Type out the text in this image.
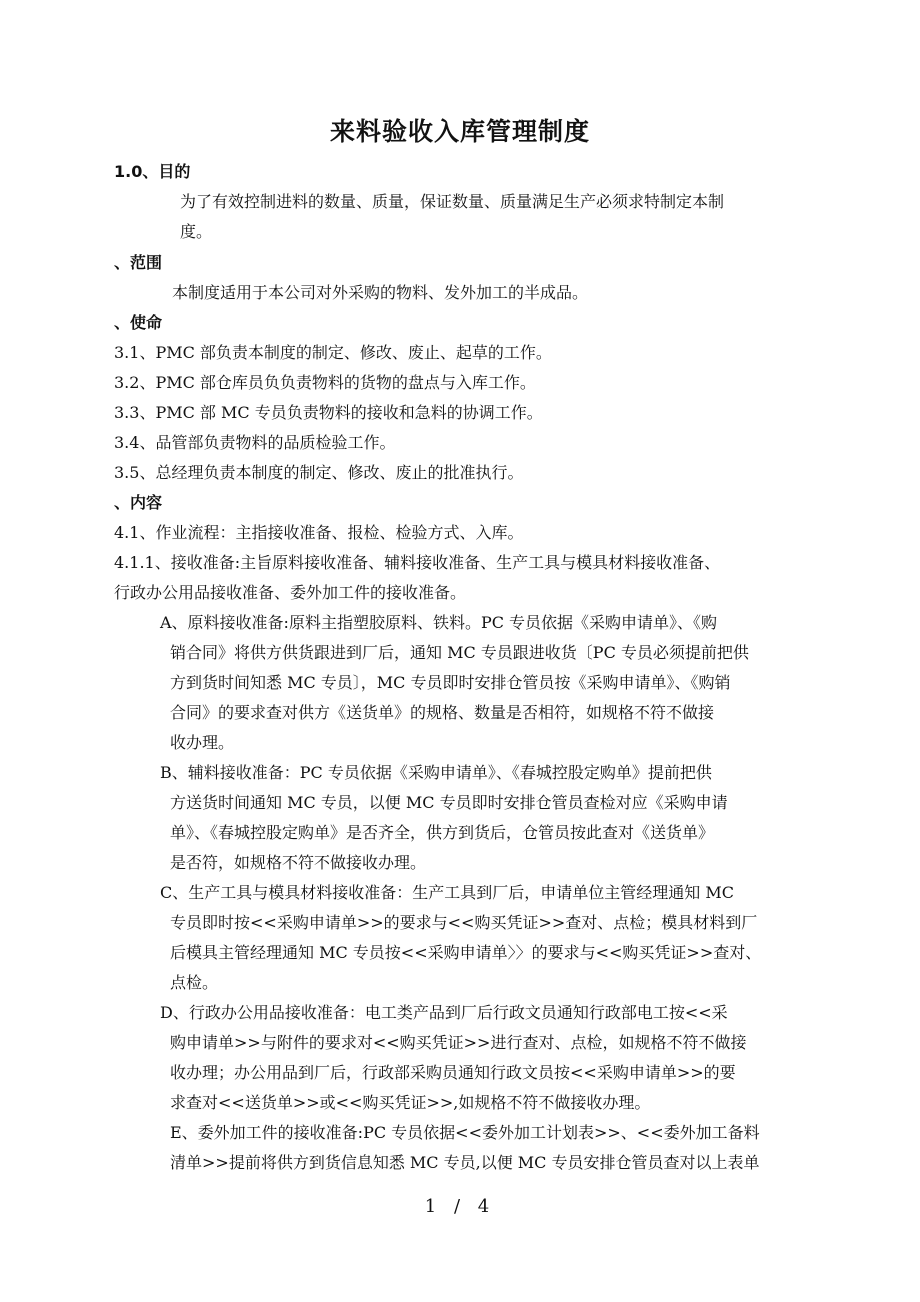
来料验收入库管理制度
1.0、目的
为了有效控制进料的数量、质量，保证数量、质量满足生产必须求特制定本制
度。
、范围
本制度适用于本公司对外采购的物料、发外加工的半成品。
、使命
3.1、PMC 部负责本制度的制定、修改、废止、起草的工作。
3.2、PMC 部仓库员负负责物料的货物的盘点与入库工作。
3.3、PMC 部 MC 专员负责物料的接收和急料的协调工作。
3.4、品管部负责物料的品质检验工作。
3.5、总经理负责本制度的制定、修改、废止的批准执行。
、内容
4.1、作业流程：主指接收准备、报检、检验方式、入库。
4.1.1、接收准备:主旨原料接收准备、辅料接收准备、生产工具与模具材料接收准备、
行政办公用品接收准备、委外加工件的接收准备。
A、原料接收准备:原料主指塑胶原料、铁料。PC 专员依据《采购申请单》、《购
销合同》将供方供货跟进到厂后，通知 MC 专员跟进收货〔PC 专员必须提前把供
方到货时间知悉 MC 专员〕，MC 专员即时安排仓管员按《采购申请单》、《购销
合同》的要求查对供方《送货单》的规格、数量是否相符，如规格不符不做接
收办理。
B、辅料接收准备：PC 专员依据《采购申请单》、《春城控股定购单》提前把供
方送货时间通知 MC 专员，以便 MC 专员即时安排仓管员查检对应《采购申请
单》、《春城控股定购单》是否齐全，供方到货后，仓管员按此查对《送货单》
是否符，如规格不符不做接收办理。
C、生产工具与模具材料接收准备：生产工具到厂后，申请单位主管经理通知 MC
专员即时按<<采购申请单>>的要求与<<购买凭证>>查对、点检；模具材料到厂
后模具主管经理通知 MC 专员按<<采购申请单〉〉的要求与<<购买凭证>>查对、
点检。
D、行政办公用品接收准备：电工类产品到厂后行政文员通知行政部电工按<<采
购申请单>>与附件的要求对<<购买凭证>>进行查对、点检，如规格不符不做接
收办理；办公用品到厂后，行政部采购员通知行政文员按<<采购申请单>>的要
求查对<<送货单>>或<<购买凭证>>,如规格不符不做接收办理。
E、委外加工件的接收准备:PC 专员依据<<委外加工计划表>>、<<委外加工备料
清单>>提前将供方到货信息知悉 MC 专员,以便 MC 专员安排仓管员查对以上表单
1 / 4
